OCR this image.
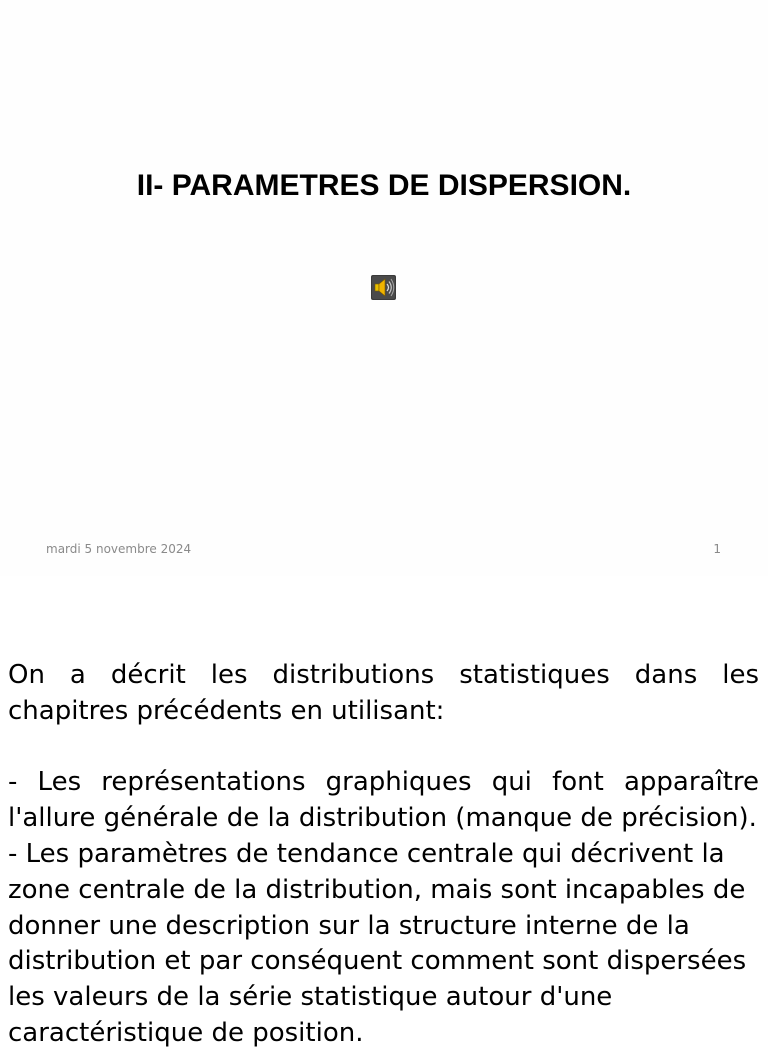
II- PARAMETRES DE DISPERSION.
mardi 5 novembre 2024	1

On a décrit les distributions statistiques dans les chapitres précédents en utilisant:

- Les représentations graphiques qui font apparaître l'allure générale de la distribution (manque de précision).

- Les paramètres de tendance centrale qui décrivent la zone centrale de la distribution, mais sont incapables de donner une description sur la structure interne de la distribution et par conséquent comment sont dispersées les valeurs de la série statistique autour d'une caractéristique de position.
